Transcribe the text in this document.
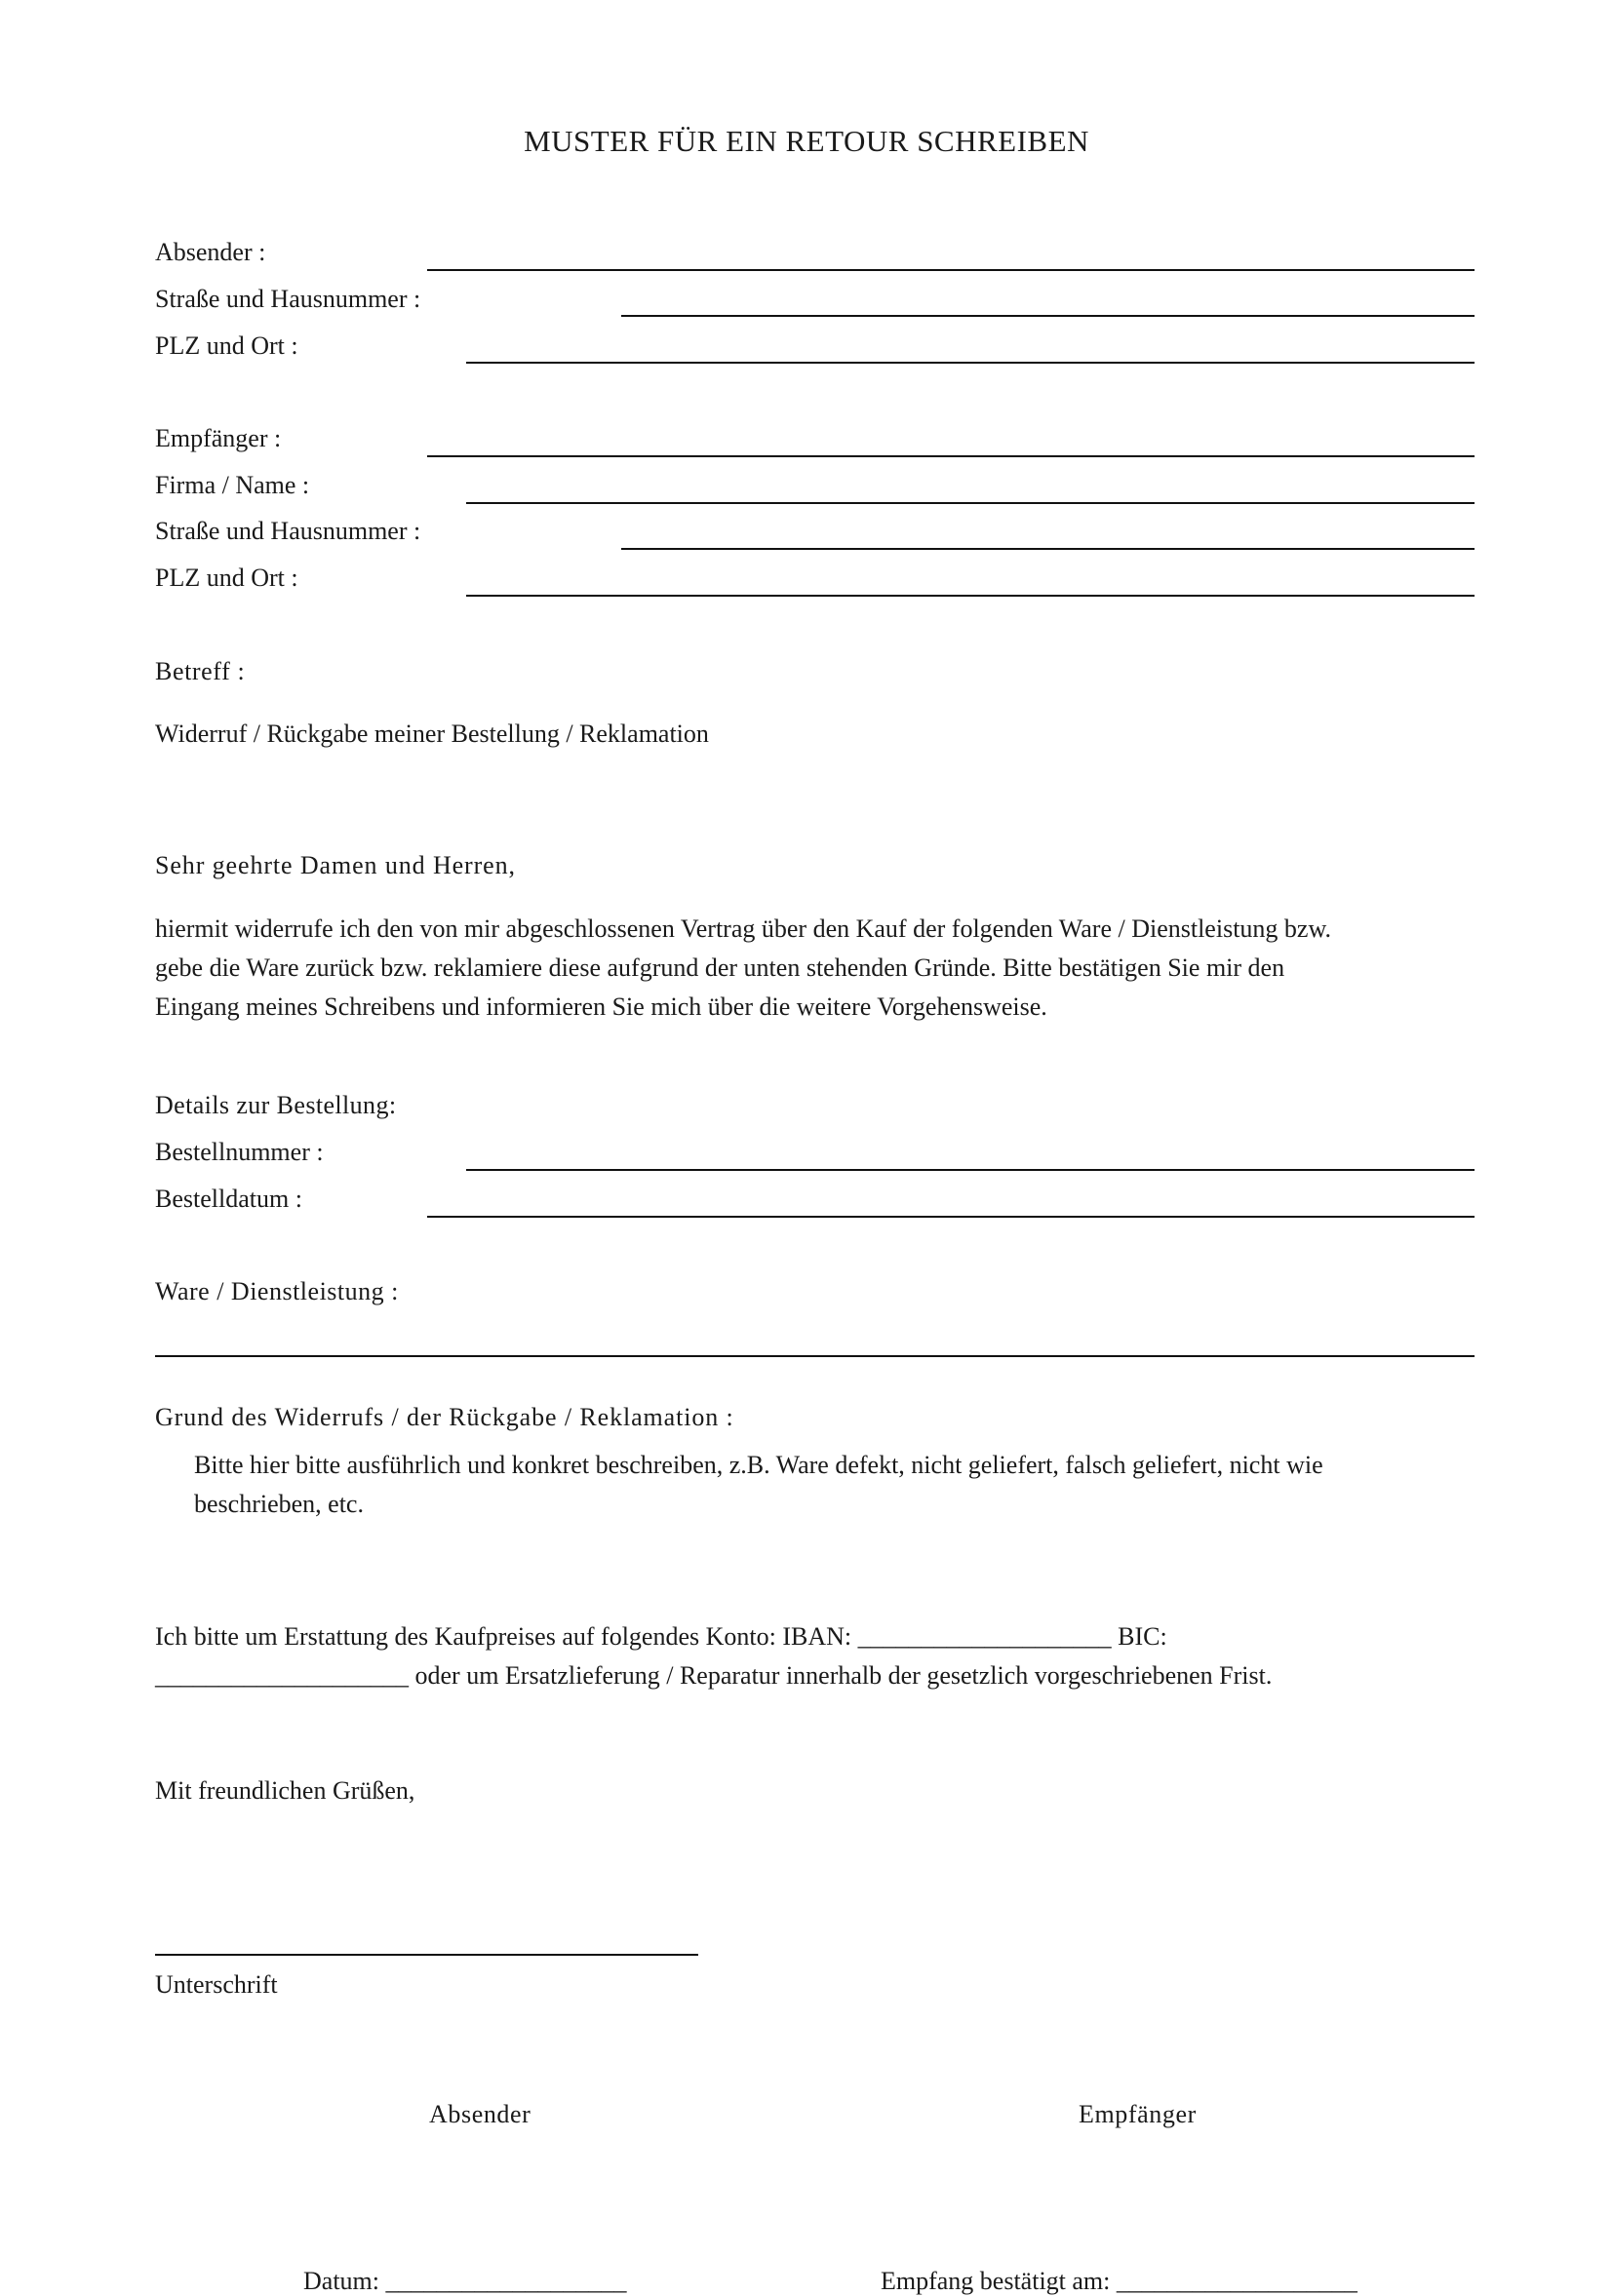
MUSTER FÜR EIN RETOUR SCHREIBEN
Absender :
Straße und Hausnummer :
PLZ und Ort :
Empfänger :
Firma / Name :
Straße und Hausnummer :
PLZ und Ort :
Betreff :
Widerruf / Rückgabe meiner Bestellung / Reklamation
Sehr geehrte Damen und Herren,
hiermit widerrufe ich den von mir abgeschlossenen Vertrag über den Kauf der folgenden Ware / Dienstleistung bzw.
gebe die Ware zurück bzw. reklamiere diese aufgrund der unten stehenden Gründe. Bitte bestätigen Sie mir den
Eingang meines Schreibens und informieren Sie mich über die weitere Vorgehensweise.
Details zur Bestellung:
Bestellnummer :
Bestelldatum :
Ware / Dienstleistung :
Grund des Widerrufs / der Rückgabe / Reklamation :
Bitte hier bitte ausführlich und konkret beschreiben, z.B. Ware defekt, nicht geliefert, falsch geliefert, nicht wie
beschrieben, etc.
Ich bitte um Erstattung des Kaufpreises auf folgendes Konto: IBAN: ____________________ BIC:
____________________ oder um Ersatzlieferung / Reparatur innerhalb der gesetzlich vorgeschriebenen Frist.
Mit freundlichen Grüßen,
Unterschrift
Absender	Empfänger
Datum: ___________________	Empfang bestätigt am: ___________________
